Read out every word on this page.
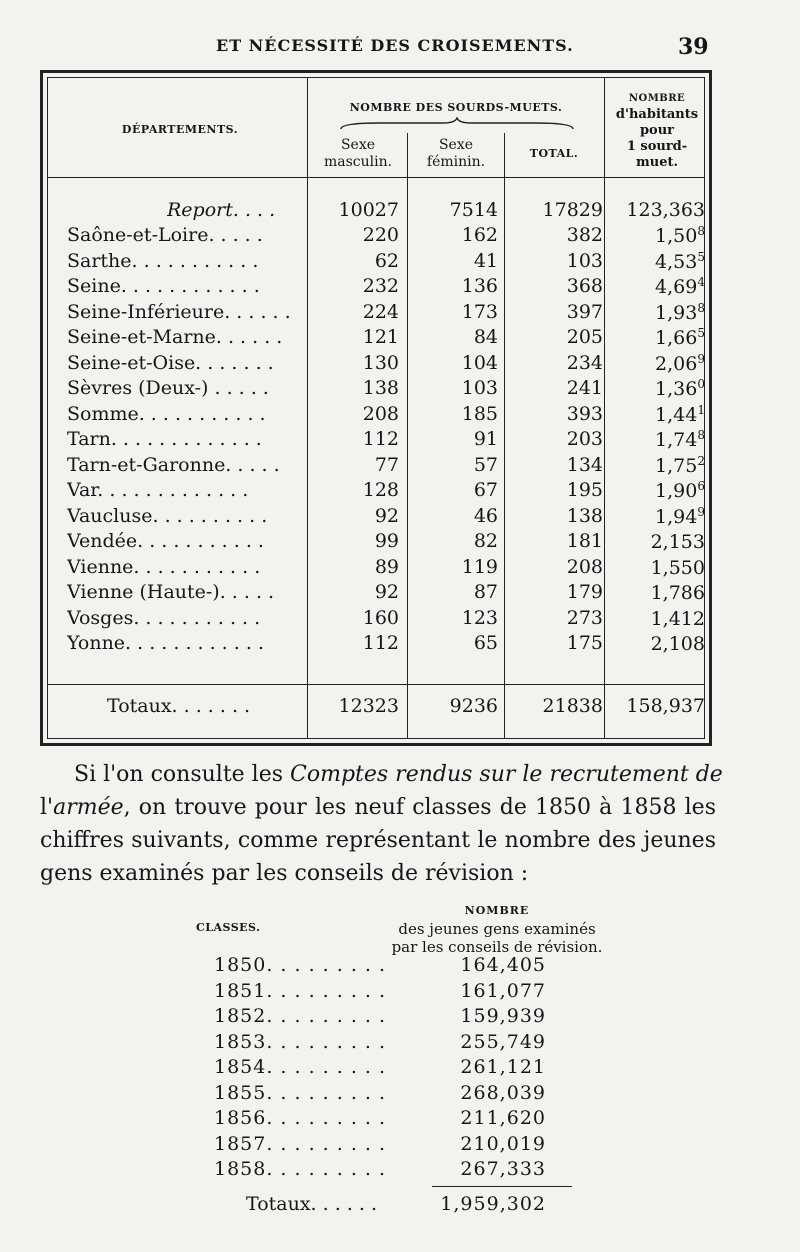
ET NÉCESSITÉ DES CROISEMENTS.	39
DÉPARTEMENTS.
NOMBRE DES SOURDS-MUETS.
Sexe
masculin.
Sexe
féminin.
TOTAL.
NOMBRE
d'habitants
pour
1 sourd-
muet.
Report. . . .	10027	7514	17829	123,363
Saône-et-Loire. . . . .	220	162	382	1,50$^8$
Sarthe. . . . . . . . . . .	62	41	103	4,53$^5$
Seine. . . . . . . . . . . .	232	136	368	4,69$^4$
Seine-Inférieure. . . . . .	224	173	397	1,93$^8$
Seine-et-Marne. . . . . .	121	84	205	1,66$^5$
Seine-et-Oise. . . . . . .	130	104	234	2,06$^9$
Sèvres (Deux-) . . . . .	138	103	241	1,36$^0$
Somme. . . . . . . . . . .	208	185	393	1,44$^1$
Tarn. . . . . . . . . . . . .	112	91	203	1,74$^8$
Tarn-et-Garonne. . . . .	77	57	134	1,75$^2$
Var. . . . . . . . . . . . .	128	67	195	1,90$^6$
Vaucluse. . . . . . . . . .	92	46	138	1,94$^9$
Vendée. . . . . . . . . . .	99	82	181	2,153
Vienne. . . . . . . . . . .	89	119	208	1,550
Vienne (Haute-). . . . .	92	87	179	1,786
Vosges. . . . . . . . . . .	160	123	273	1,412
Yonne. . . . . . . . . . . .	112	65	175	2,108
Totaux. . . . . . .	12323	9236	21838	158,937
Si l'on consulte les Comptes rendus sur le recrutement de
l'armée, on trouve pour les neuf classes de 1850 à 1858 les
chiffres suivants, comme représentant le nombre des jeunes
gens examinés par les conseils de révision :
CLASSES.
NOMBRE
des jeunes gens examinés
par les conseils de révision.
1850. . . . . . . . .	164,405
1851. . . . . . . . .	161,077
1852. . . . . . . . .	159,939
1853. . . . . . . . .	255,749
1854. . . . . . . . .	261,121
1855. . . . . . . . .	268,039
1856. . . . . . . . .	211,620
1857. . . . . . . . .	210,019
1858. . . . . . . . .	267,333
Totaux. . . . . .	1,959,302
